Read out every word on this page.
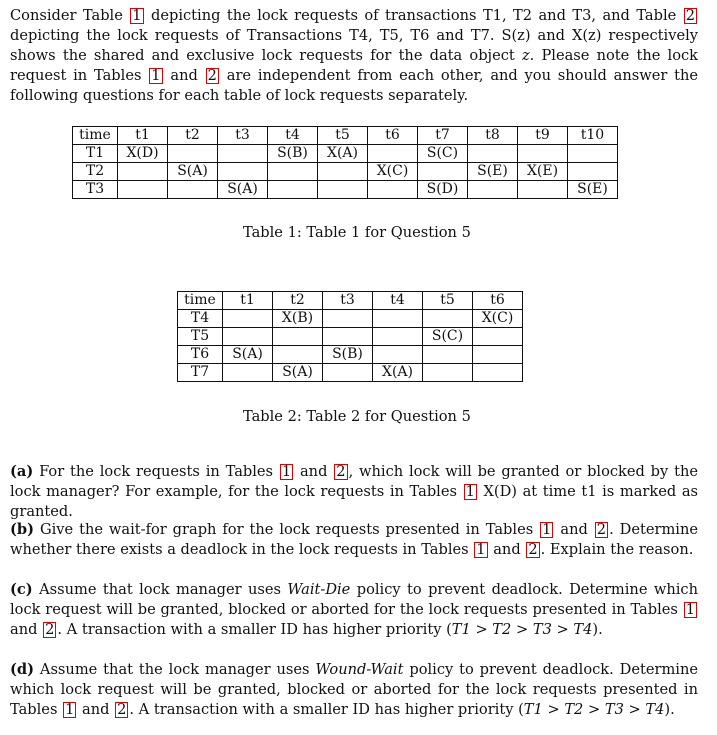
Consider Table 1 depicting the lock requests of transactions T1, T2 and T3, and Table 2 depicting the lock requests of Transactions T4, T5, T6 and T7. S(z) and X(z) respectively shows the shared and exclusive lock requests for the data object z. Please note the lock request in Tables 1 and 2 are independent from each other, and you should answer the following questions for each table of lock requests separately.
time	t1	t2	t3	t4	t5	t6	t7	t8	t9	t10
T1	X(D)			S(B)	X(A)		S(C)			
T2		S(A)				X(C)		S(E)	X(E)	
T3			S(A)				S(D)			S(E)
Table 1: Table 1 for Question 5
time	t1	t2	t3	t4	t5	t6
T4		X(B)				X(C)
T5					S(C)	
T6	S(A)		S(B)			
T7		S(A)		X(A)		
Table 2: Table 2 for Question 5
(a) For the lock requests in Tables 1 and 2 , which lock will be granted or blocked by the lock manager? For example, for the lock requests in Tables 1 X(D) at time t1 is marked as granted.
(b) Give the wait-for graph for the lock requests presented in Tables 1 and 2 . Determine whether there exists a deadlock in the lock requests in Tables 1 and 2 . Explain the reason.
(c) Assume that lock manager uses Wait-Die policy to prevent deadlock. Determine which lock request will be granted, blocked or aborted for the lock requests presented in Tables 1 and 2 . A transaction with a smaller ID has higher priority (T1 > T2 > T3 > T4).
(d) Assume that the lock manager uses Wound-Wait policy to prevent deadlock. Determine which lock request will be granted, blocked or aborted for the lock requests presented in Tables 1 and 2 . A transaction with a smaller ID has higher priority (T1 > T2 > T3 > T4).
